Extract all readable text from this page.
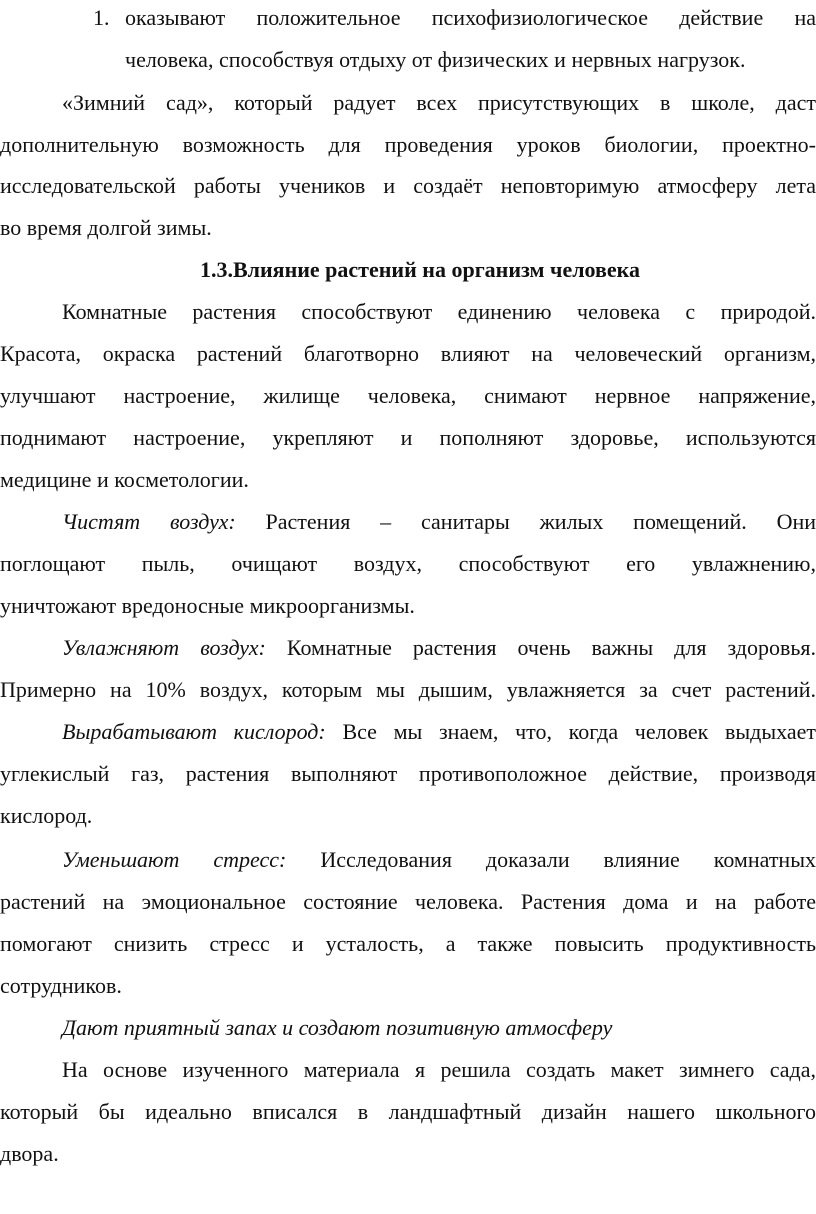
1. оказывают положительное психофизиологическое действие на
человека, способствуя отдыху от физических и нервных нагрузок.
«Зимний сад», который радует всех присутствующих в школе, даст
дополнительную возможность для проведения уроков биологии, проектно-
исследовательской работы учеников и создаёт неповторимую атмосферу лета
во время долгой зимы.
1.3.Влияние растений на организм человека
Комнатные растения способствуют единению человека с природой.
Красота, окраска растений благотворно влияют на человеческий организм,
улучшают настроение, жилище человека, снимают нервное напряжение,
поднимают настроение, укрепляют и пополняют здоровье, используются
медицине и косметологии.
Чистят воздух: Растения – санитары жилых помещений. Они
поглощают пыль, очищают воздух, способствуют его увлажнению,
уничтожают вредоносные микроорганизмы.
Увлажняют воздух: Комнатные растения очень важны для здоровья.
Примерно на 10% воздух, которым мы дышим, увлажняется за счет растений.
Вырабатывают кислород: Все мы знаем, что, когда человек выдыхает
углекислый газ, растения выполняют противоположное действие, производя
кислород.
Уменьшают стресс: Исследования доказали влияние комнатных
растений на эмоциональное состояние человека. Растения дома и на работе
помогают снизить стресс и усталость, а также повысить продуктивность
сотрудников.
Дают приятный запах и создают позитивную атмосферу
На основе изученного материала я решила создать макет зимнего сада,
который бы идеально вписался в ландшафтный дизайн нашего школьного
двора.
